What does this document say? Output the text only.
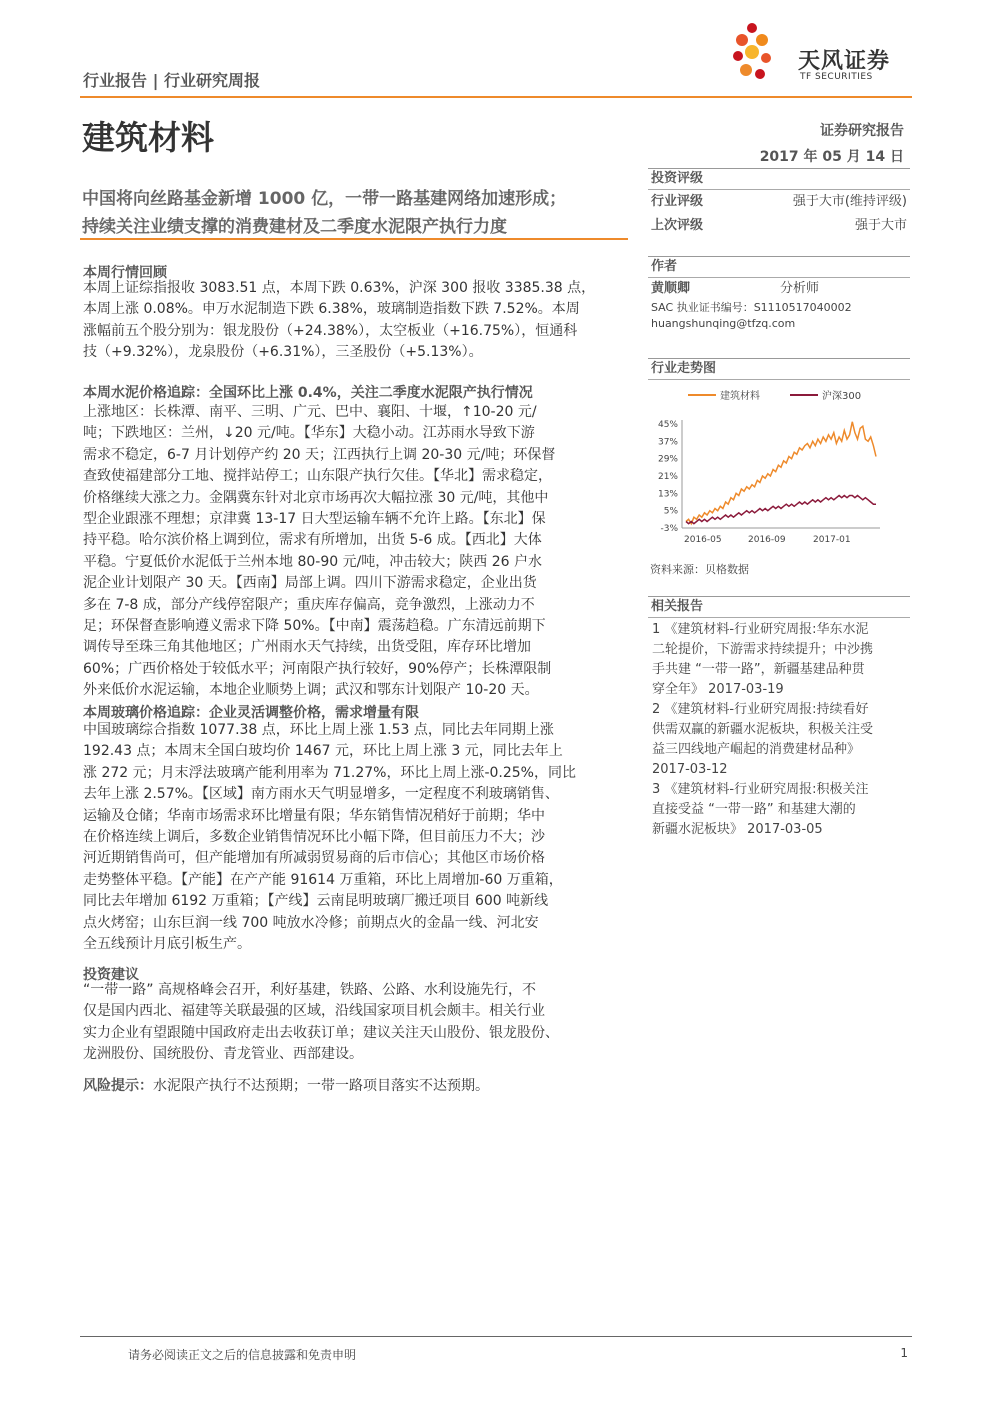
行业报告 | 行业研究周报
天风证券
TF SECURITIES
建筑材料	证券研究报告
2017 年 05 月 14 日
中国将向丝路基金新增 1000 亿，一带一路基建网络加速形成；
持续关注业绩支撑的消费建材及二季度水泥限产执行力度
投资评级
行业评级	强于大市(维持评级)
上次评级	强于大市
作者
黄顺卿	分析师
SAC 执业证书编号：S1110517040002
huangshunqing@tfzq.com
行业走势图
建筑材料	沪深300
45%
37%
29%
21%
13%
5%
-3%
2016-05	2016-09	2017-01
资料来源：贝格数据
相关报告
1 《建筑材料-行业研究周报:华东水泥
二轮提价，下游需求持续提升；中沙携
手共建 “一带一路”，新疆基建品种贯
穿全年》 2017-03-19
2 《建筑材料-行业研究周报:持续看好
供需双赢的新疆水泥板块，积极关注受
益三四线地产崛起的消费建材品种》
2017-03-12
3 《建筑材料-行业研究周报:积极关注
直接受益 “一带一路” 和基建大潮的
新疆水泥板块》 2017-03-05
本周行情回顾
本周上证综指报收 3083.51 点，本周下跌 0.63%，沪深 300 报收 3385.38 点，
本周上涨 0.08%。申万水泥制造下跌 6.38%，玻璃制造指数下跌 7.52%。本周
涨幅前五个股分别为：银龙股份（+24.38%），太空板业（+16.75%），恒通科
技（+9.32%），龙泉股份（+6.31%），三圣股份（+5.13%）。
本周水泥价格追踪：全国环比上涨 0.4%，关注二季度水泥限产执行情况
上涨地区：长株潭、南平、三明、广元、巴中、襄阳、十堰，↑10-20 元/
吨；下跌地区：兰州，↓20 元/吨。【华东】大稳小动。江苏雨水导致下游
需求不稳定，6-7 月计划停产约 20 天；江西执行上调 20-30 元/吨；环保督
查致使福建部分工地、搅拌站停工；山东限产执行欠佳。【华北】需求稳定，
价格继续大涨之力。金隅冀东针对北京市场再次大幅拉涨 30 元/吨，其他中
型企业跟涨不理想；京津冀 13-17 日大型运输车辆不允许上路。【东北】保
持平稳。哈尔滨价格上调到位，需求有所增加，出货 5-6 成。【西北】大体
平稳。宁夏低价水泥低于兰州本地 80-90 元/吨，冲击较大；陕西 26 户水
泥企业计划限产 30 天。【西南】局部上调。四川下游需求稳定，企业出货
多在 7-8 成，部分产线停窑限产；重庆库存偏高，竞争激烈，上涨动力不
足；环保督查影响遵义需求下降 50%。【中南】震荡趋稳。广东清远前期下
调传导至珠三角其他地区；广州雨水天气持续，出货受阻，库存环比增加
60%；广西价格处于较低水平；河南限产执行较好，90%停产；长株潭限制
外来低价水泥运输，本地企业顺势上调；武汉和鄂东计划限产 10-20 天。
本周玻璃价格追踪：企业灵活调整价格，需求增量有限
中国玻璃综合指数 1077.38 点，环比上周上涨 1.53 点，同比去年同期上涨
192.43 点；本周末全国白玻均价 1467 元，环比上周上涨 3 元，同比去年上
涨 272 元；月末浮法玻璃产能利用率为 71.27%，环比上周上涨-0.25%，同比
去年上涨 2.57%。【区域】南方雨水天气明显增多，一定程度不利玻璃销售、
运输及仓储；华南市场需求环比增量有限；华东销售情况稍好于前期；华中
在价格连续上调后，多数企业销售情况环比小幅下降，但目前压力不大；沙
河近期销售尚可，但产能增加有所减弱贸易商的后市信心；其他区市场价格
走势整体平稳。【产能】在产产能 91614 万重箱，环比上周增加-60 万重箱，
同比去年增加 6192 万重箱；【产线】云南昆明玻璃厂搬迁项目 600 吨新线
点火烤窑；山东巨润一线 700 吨放水冷修；前期点火的金晶一线、河北安
全五线预计月底引板生产。
投资建议
“一带一路” 高规格峰会召开，利好基建，铁路、公路、水利设施先行，不
仅是国内西北、福建等关联最强的区域，沿线国家项目机会颇丰。相关行业
实力企业有望跟随中国政府走出去收获订单；建议关注天山股份、银龙股份、
龙洲股份、国统股份、青龙管业、西部建设。
风险提示：水泥限产执行不达预期；一带一路项目落实不达预期。
请务必阅读正文之后的信息披露和免责申明	1
